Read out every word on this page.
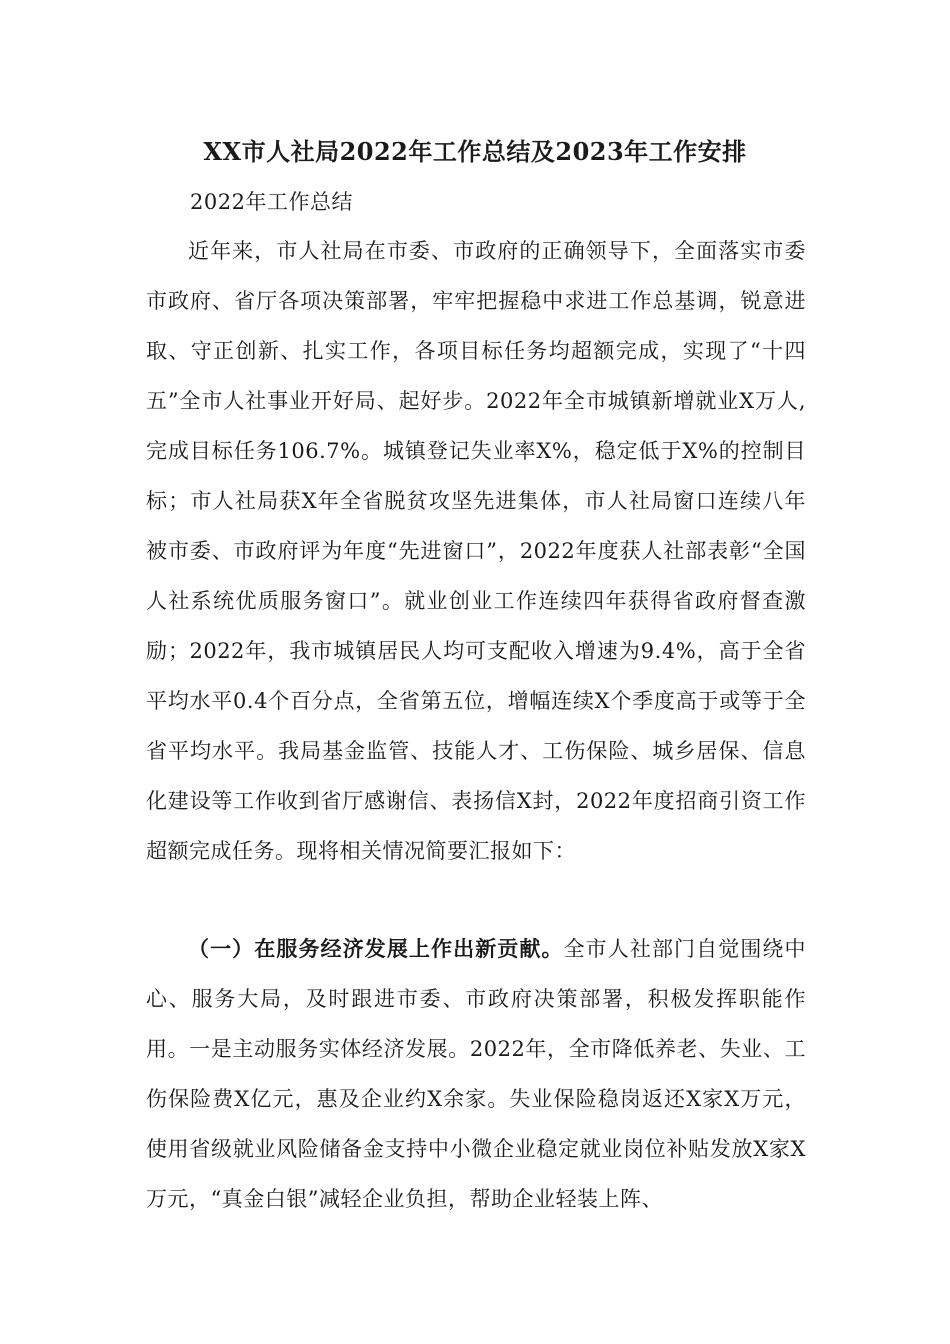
XX市人社局2022年工作总结及2023年工作安排

2022年工作总结

近年来，市人社局在市委、市政府的正确领导下，全面落实市委市政府、省厅各项决策部署，牢牢把握稳中求进工作总基调，锐意进取、守正创新、扎实工作，各项目标任务均超额完成，实现了“十四五”全市人社事业开好局、起好步。2022年全市城镇新增就业X万人,完成目标任务106.7%。城镇登记失业率X%，稳定低于X%的控制目标；市人社局获X年全省脱贫攻坚先进集体，市人社局窗口连续八年被市委、市政府评为年度“先进窗口”，2022年度获人社部表彰“全国人社系统优质服务窗口”。就业创业工作连续四年获得省政府督查激励；2022年，我市城镇居民人均可支配收入增速为9.4%，高于全省平均水平0.4个百分点，全省第五位，增幅连续X个季度高于或等于全省平均水平。我局基金监管、技能人才、工伤保险、城乡居保、信息化建设等工作收到省厅感谢信、表扬信X封，2022年度招商引资工作超额完成任务。现将相关情况简要汇报如下：

（一）在服务经济发展上作出新贡献。全市人社部门自觉围绕中心、服务大局，及时跟进市委、市政府决策部署，积极发挥职能作用。一是主动服务实体经济发展。2022年，全市降低养老、失业、工伤保险费X亿元，惠及企业约X余家。失业保险稳岗返还X家X万元，使用省级就业风险储备金支持中小微企业稳定就业岗位补贴发放X家X万元，“真金白银”减轻企业负担，帮助企业轻装上阵、
